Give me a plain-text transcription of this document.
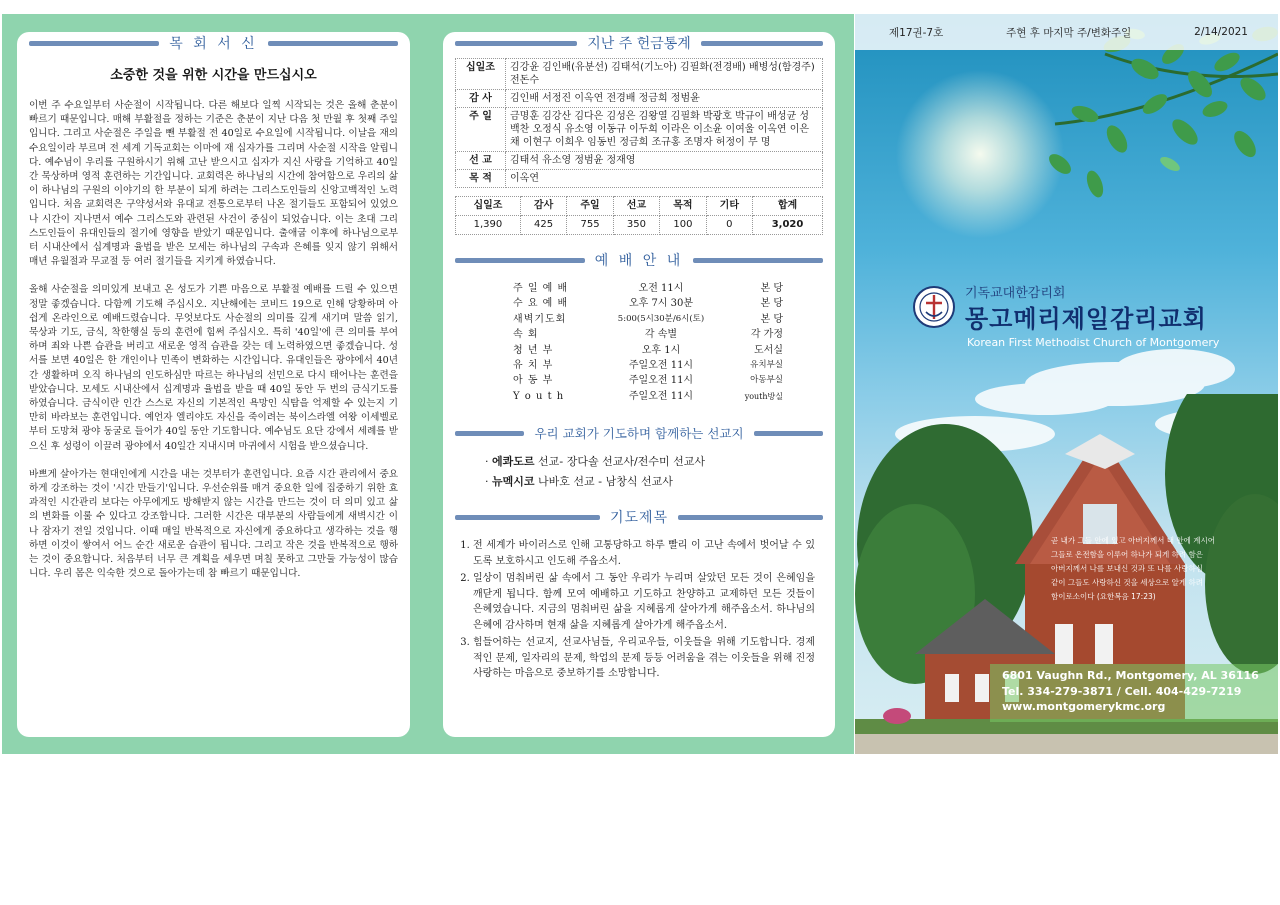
목 회 서 신
소중한 것을 위한 시간을 만드십시오

이번 주 수요일부터 사순절이 시작됩니다. 다른 해보다 일찍 시작되는 것은 올해 춘분이 빠르기 때문입니다. 매해 부활절을 정하는 기준은 춘분이 지난 다음 첫 만월 후 첫째 주일입니다. 그리고 사순절은 주일을 뺀 부활절 전 40일로 수요일에 시작됩니다. 이날을 재의 수요일이라 부르며 전 세계 기독교회는 이마에 재 십자가를 그리며 사순절 시작을 알립니다. 예수님이 우리를 구원하시기 위해 고난 받으시고 십자가 지신 사랑을 기억하고 40일간 묵상하며 영적 훈련하는 기간입니다. 교회력은 하나님의 시간에 참여함으로 우리의 삶이 하나님의 구원의 이야기의 한 부분이 되게 하려는 그리스도인들의 신앙고백적인 노력입니다. 처음 교회력은 구약성서와 유대교 전통으로부터 나온 절기들도 포함되어 있었으나 시간이 지나면서 예수 그리스도와 관련된 사건이 중심이 되었습니다. 이는 초대 그리스도인들이 유대인들의 절기에 영향을 받았기 때문입니다. 출애굽 이후에 하나님으로부터 시내산에서 십계명과 율법을 받은 모세는 하나님의 구속과 은혜를 잊지 않기 위해서 매년 유월절과 무교절 등 여러 절기들을 지키게 하였습니다.

올해 사순절을 의미있게 보내고 온 성도가 기쁜 마음으로 부활절 예배를 드릴 수 있으면 정말 좋겠습니다. 다함께 기도해 주십시오. 지난해에는 코비드 19으로 인해 당황하며 아쉽게 온라인으로 예배드렸습니다. 무엇보다도 사순절의 의미를 깊게 새기며 말씀 읽기, 묵상과 기도, 금식, 착한행실 등의 훈련에 힘써 주십시오. 특히 '40일'에 큰 의미를 부여하며 죄와 나쁜 습관을 버리고 새로운 영적 습관을 갖는 데 노력하였으면 좋겠습니다. 성서를 보면 40일은 한 개인이나 민족이 변화하는 시간입니다. 유대인들은 광야에서 40년간 생활하며 오직 하나님의 인도하심만 따르는 하나님의 선민으로 다시 태어나는 훈련을 받았습니다. 모세도 시내산에서 십계명과 율법을 받을 때 40일 동안 두 번의 금식기도를 하였습니다. 금식이란 인간 스스로 자신의 기본적인 욕망인 식탐을 억제할 수 있는지 기만히 바라보는 훈련입니다. 예언자 엘리야도 자신을 죽이려는 북이스라엘 여왕 이세벨로부터 도망쳐 광야 동굴로 들어가 40일 동안 기도합니다. 예수님도 요단 강에서 세례를 받으신 후 성령이 이끌려 광야에서 40일간 지내시며 마귀에서 시험을 받으셨습니다.

바쁘게 살아가는 현대인에게 시간을 내는 것부터가 훈련입니다. 요즘 시간 관리에서 중요하게 강조하는 것이 '시간 만들기'입니다. 우선순위를 매겨 중요한 일에 집중하기 위한 효과적인 시간관리 보다는 아무에게도 방해받지 않는 시간을 만드는 것이 더 의미 있고 삶의 변화를 이룰 수 있다고 강조합니다. 그러한 시간은 대부분의 사람들에게 새벽시간 이나 잠자기 전일 것입니다. 이때 매일 반복적으로 자신에게 중요하다고 생각하는 것을 행하면 이것이 쌓여서 어느 순간 새로운 습관이 됩니다. 그리고 작은 것을 반복적으로 행하는 것이 중요합니다. 처음부터 너무 큰 계획을 세우면 며칠 못하고 그만둘 가능성이 많습니다. 우리 몸은 익숙한 것으로 돌아가는데 참 빠르기 때문입니다.

지난 주 헌금통계
십일조	김강윤 김인배(유분선) 김태석(기노아) 김필화(전경배) 배병성(함경주) 전돈수
감 사	김인배 서정진 이옥연 전경배 정금희 정범윤
주 일	금명훈 김강산 김다은 김성은 김왕열 김필화 박광호 박규이 배성균 성백찬 오정식 유소영 이동규 이두희 이라은 이소윤 이여울 이옥연 이은채 이현구 이희우 임동빈 정금희 조규홍 조명자 허정이 무 명
선 교	김태석 유소영 정범윤 정재영
목 적	이옥연
십일조	감사	주일	선교	목적	기타	합계
1,390	425	755	350	100	0	3,020
예 배 안 내
주 일 예 배	오전 11시	본 당
수 요 예 배	오후 7시 30분	본 당
새벽기도회	5:00(5시30분/6시(토)	본 당
속 회	각 속별	각 가정
청 년 부	오후 1시	도서실
유 치 부	주일오전 11시	유치부실
아 동 부	주일오전 11시	아동부실
Y o u t h	주일오전 11시	youth방실
우리 교회가 기도하며 함께하는 선교지
· 에콰도르 선교- 장다솔 선교사/전수미 선교사
· 뉴멕시코 나바호 선교 - 남창식 선교사
기도제목
1. 전 세계가 바이러스로 인해 고통당하고 하루 빨리 이 고난 속에서 벗어날 수 있도록 보호하시고 인도해 주옵소서.
2. 일상이 멈춰버린 삶 속에서 그 동안 우리가 누리며 살았던 모든 것이 은혜임을 깨닫게 됩니다. 함께 모여 예배하고 기도하고 찬양하고 교제하던 모든 것들이 은혜였습니다. 지금의 멈춰버린 삶을 지혜롭게 살아가게 해주옵소서. 하나님의 은혜에 감사하며 현재 삶을 지혜롭게 살아가게 해주옵소서.
3. 힘들어하는 선교지, 선교사님들, 우리교우들, 이웃들을 위해 기도합니다. 경제적인 문제, 일자리의 문제, 학업의 문제 등등 어려움을 겪는 이웃들을 위해 진정 사랑하는 마음으로 중보하기를 소망합니다.
제17권-7호	주현 후 마지막 주/변화주일	2/14/2021
기독교대한감리회
몽고메리제일감리교회
Korean First Methodist Church of Montgomery
곧 내가 그들 안에 있고 아버지께서 내 안에 계시어
그들로 온전함을 이루어 하나가 되게 하려 함은
아버지께서 나를 보내신 것과 또 나를 사랑하심
같이 그들도 사랑하신 것을 세상으로 알게 하려
함이로소이다 (요한복음 17:23)
6801 Vaughn Rd., Montgomery, AL 36116
Tel. 334-279-3871 / Cell. 404-429-7219
www.montgomerykmc.org
